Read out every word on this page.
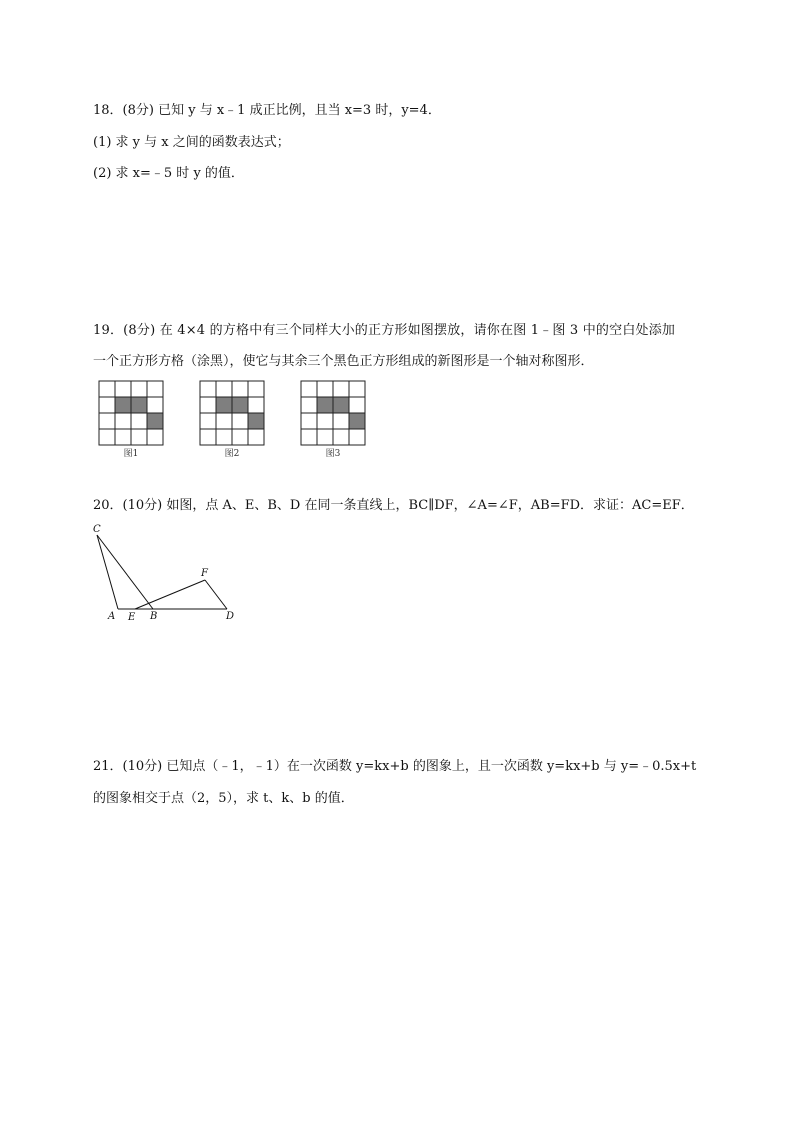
18．(8分) 已知 y 与 x﹣1 成正比例，且当 x=3 时，y=4．
(1) 求 y 与 x 之间的函数表达式；
(2) 求 x=﹣5 时 y 的值．
19．(8分) 在 4×4 的方格中有三个同样大小的正方形如图摆放，请你在图 1﹣图 3 中的空白处添加
一个正方形方格（涂黑），使它与其余三个黑色正方形组成的新图形是一个轴对称图形．
图1	图2	图3
20．(10分) 如图，点 A、E、B、D 在同一条直线上，BC∥DF，∠A=∠F，AB=FD．求证：AC=EF．
C
F
A E B	D
21．(10分) 已知点（﹣1，﹣1）在一次函数 y=kx+b 的图象上，且一次函数 y=kx+b 与 y=﹣0.5x+t
的图象相交于点（2，5），求 t、k、b 的值．
